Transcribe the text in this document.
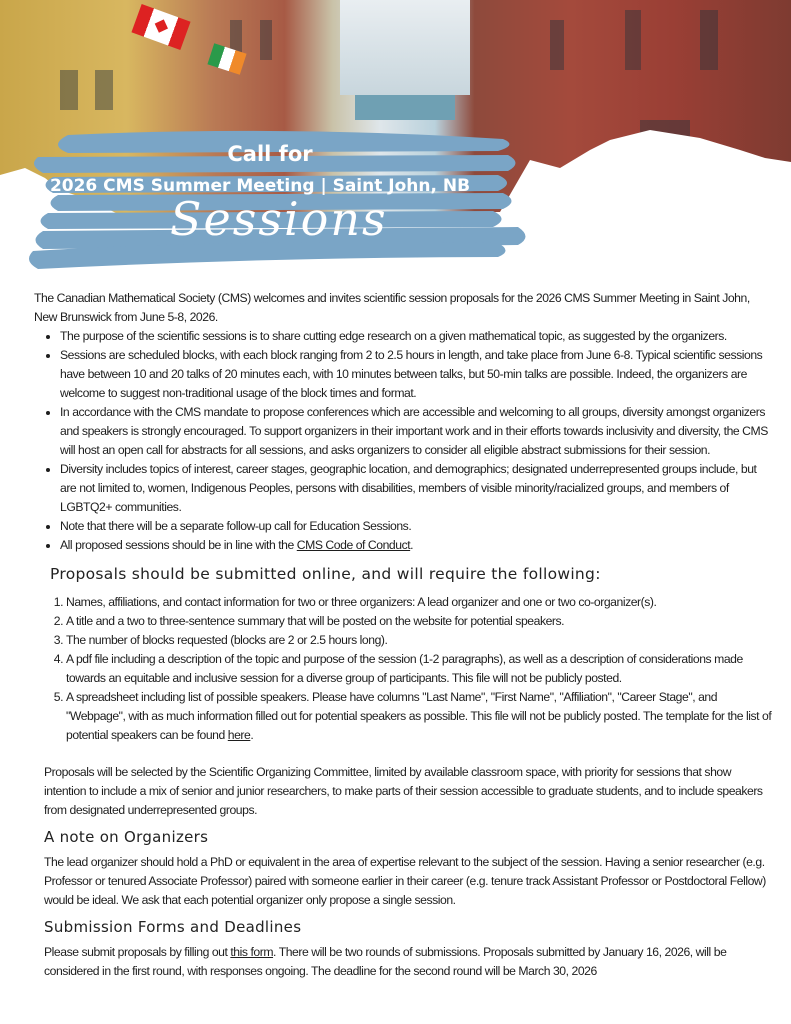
Call for
2026 CMS Summer Meeting | Saint John, NB
Sessions

The Canadian Mathematical Society (CMS) welcomes and invites scientific session proposals for the 2026 CMS Summer Meeting in Saint John, New Brunswick from June 5-8, 2026.

• The purpose of the scientific sessions is to share cutting edge research on a given mathematical topic, as suggested by the organizers.
• Sessions are scheduled blocks, with each block ranging from 2 to 2.5 hours in length, and take place from June 6-8. Typical scientific sessions have between 10 and 20 talks of 20 minutes each, with 10 minutes between talks, but 50-min talks are possible. Indeed, the organizers are welcome to suggest non-traditional usage of the block times and format.
• In accordance with the CMS mandate to propose conferences which are accessible and welcoming to all groups, diversity amongst organizers and speakers is strongly encouraged. To support organizers in their important work and in their efforts towards inclusivity and diversity, the CMS will host an open call for abstracts for all sessions, and asks organizers to consider all eligible abstract submissions for their session.
• Diversity includes topics of interest, career stages, geographic location, and demographics; designated underrepresented groups include, but are not limited to, women, Indigenous Peoples, persons with disabilities, members of visible minority/racialized groups, and members of LGBTQ2+ communities.
• Note that there will be a separate follow-up call for Education Sessions.
• All proposed sessions should be in line with the CMS Code of Conduct.
Proposals should be submitted online, and will require the following:
1. Names, affiliations, and contact information for two or three organizers: A lead organizer and one or two co-organizer(s).
2. A title and a two to three-sentence summary that will be posted on the website for potential speakers.
3. The number of blocks requested (blocks are 2 or 2.5 hours long).
4. A pdf file including a description of the topic and purpose of the session (1-2 paragraphs), as well as a description of considerations made towards an equitable and inclusive session for a diverse group of participants. This file will not be publicly posted.
5. A spreadsheet including list of possible speakers. Please have columns "Last Name", "First Name", "Affiliation", "Career Stage", and "Webpage", with as much information filled out for potential speakers as possible. This file will not be publicly posted. The template for the list of potential speakers can be found here.

Proposals will be selected by the Scientific Organizing Committee, limited by available classroom space, with priority for sessions that show intention to include a mix of senior and junior researchers, to make parts of their session accessible to graduate students, and to include speakers from designated underrepresented groups.

A note on Organizers

The lead organizer should hold a PhD or equivalent in the area of expertise relevant to the subject of the session. Having a senior researcher (e.g. Professor or tenured Associate Professor) paired with someone earlier in their career (e.g. tenure track Assistant Professor or Postdoctoral Fellow) would be ideal. We ask that each potential organizer only propose a single session.

Submission Forms and Deadlines

Please submit proposals by filling out this form. There will be two rounds of submissions. Proposals submitted by January 16, 2026, will be considered in the first round, with responses ongoing. The deadline for the second round will be March 30, 2026
